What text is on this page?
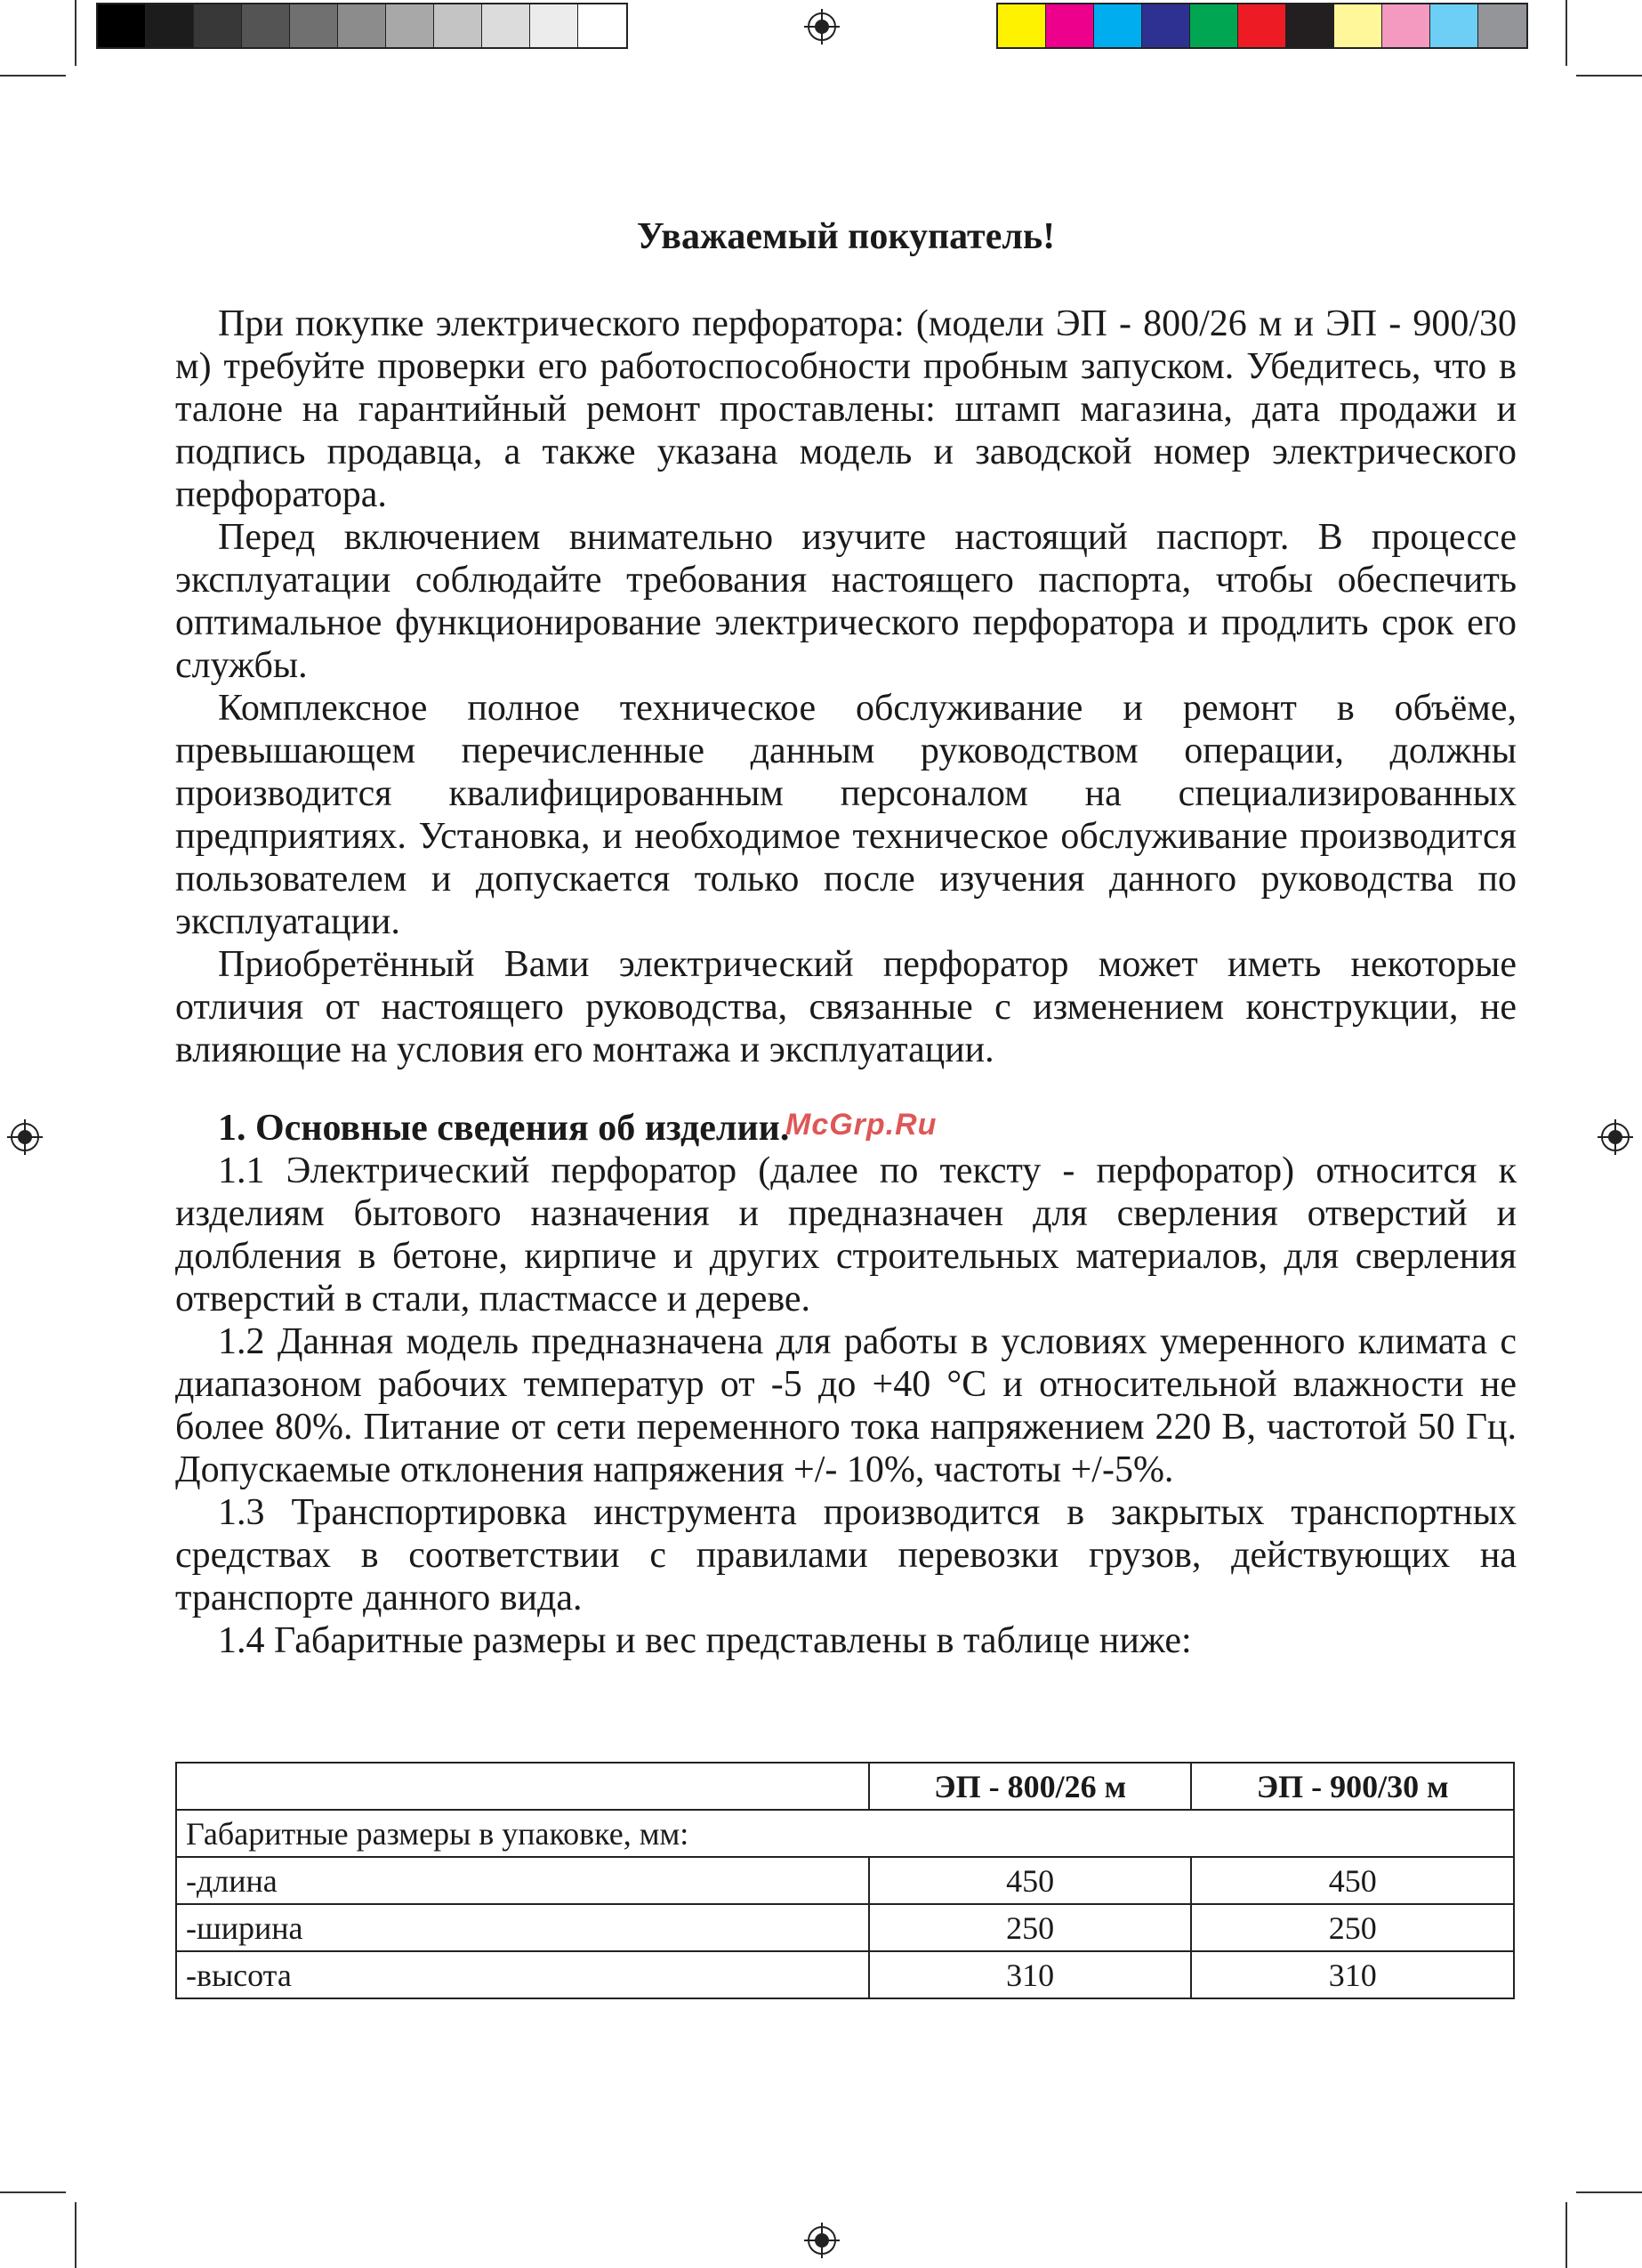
Уважаемый покупатель!

При покупке электрического перфоратора: (модели ЭП - 800/26 м и ЭП - 900/30 м) требуйте проверки его работоспособности пробным запуском. Убедитесь, что в талоне на гарантийный ремонт проставлены: штамп магазина, дата продажи и подпись продавца, а также указана модель и заводской номер электрического перфоратора.

Перед включением внимательно изучите настоящий паспорт. В процессе эксплуатации соблюдайте требования настоящего паспорта, чтобы обеспечить оптимальное функционирование электрического перфоратора и продлить срок его службы.

Комплексное полное техническое обслуживание и ремонт в объёме, превышающем перечисленные данным руководством операции, должны производится квалифицированным персоналом на специализированных предприятиях. Установка, и необходимое техническое обслуживание производится пользователем и допускается только после изучения данного руководства по эксплуатации.

Приобретённый Вами электрический перфоратор может иметь некоторые отличия от настоящего руководства, связанные с изменением конструкции, не влияющие на условия его монтажа и эксплуатации.

1. Основные сведения об изделии.
McGrp.Ru

1.1 Электрический перфоратор (далее по тексту - перфоратор) относится к изделиям бытового назначения и предназначен для сверления отверстий и долбления в бетоне, кирпиче и других строительных материалов, для сверления отверстий в стали, пластмассе и дереве.

1.2 Данная модель предназначена для работы в условиях умеренного климата с диапазоном рабочих температур от -5 до +40 °С и относительной влажности не более 80%. Питание от сети переменного тока напряжением 220 В, частотой 50 Гц. Допускаемые отклонения напряжения +/- 10%, частоты +/-5%.

1.3 Транспортировка инструмента производится в закрытых транспортных средствах в соответствии с правилами перевозки грузов, действующих на транспорте данного вида.

1.4 Габаритные размеры и вес представлены в таблице ниже:

	ЭП - 800/26 м	ЭП - 900/30 м
Габаритные размеры в упаковке, мм:		
-длина	450	450
-ширина	250	250
-высота	310	310
